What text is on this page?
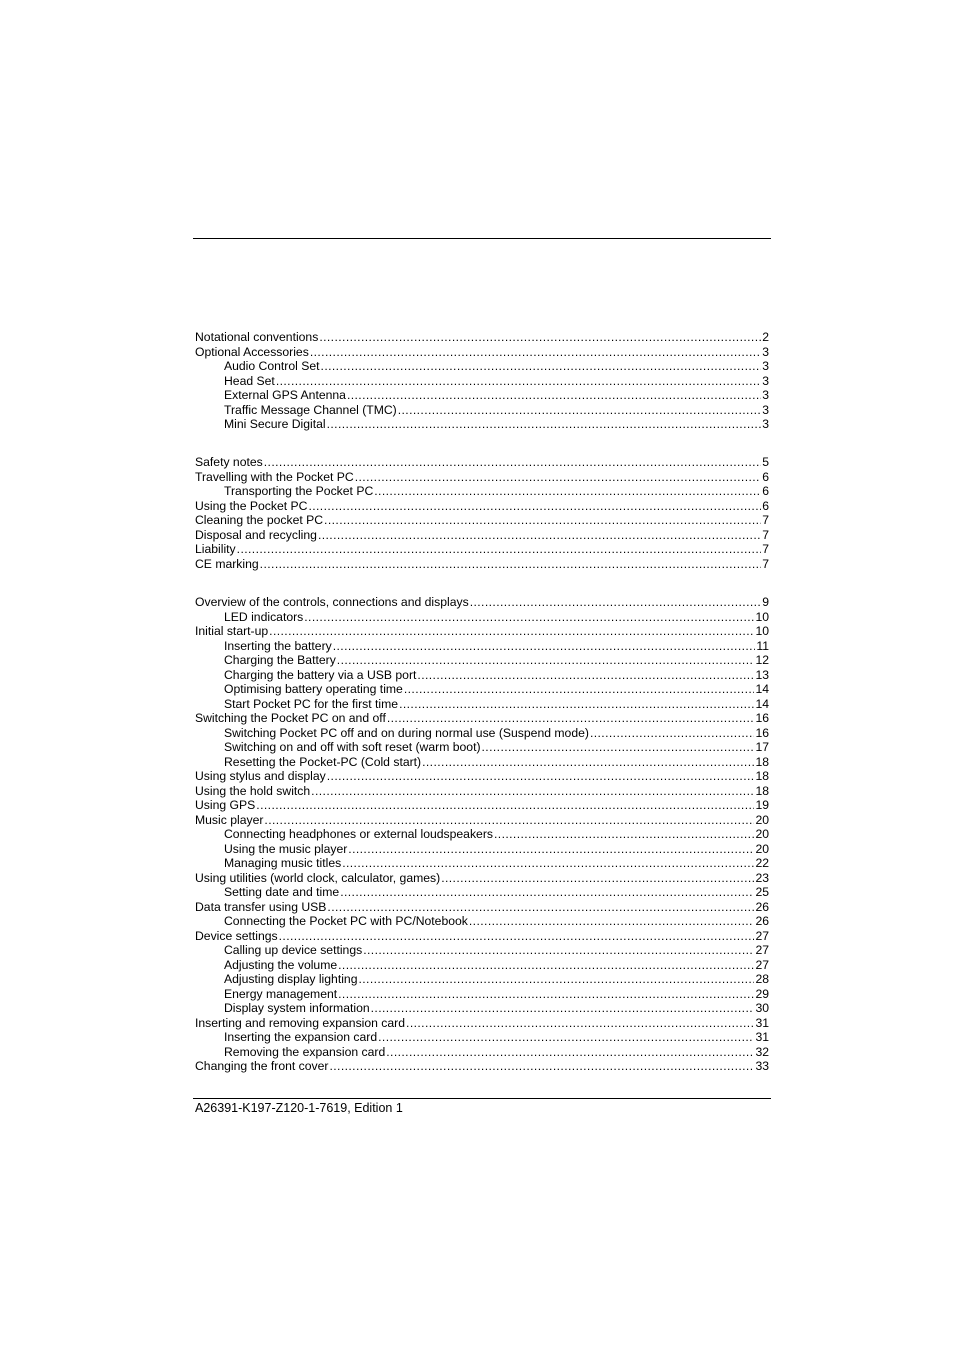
Notational conventions .....	2
Optional Accessories .....	3
Audio Control Set .....	3
Head Set .....	3
External GPS Antenna .....	3
Traffic Message Channel (TMC) .....	3
Mini Secure Digital .....	3
Safety notes .....	5
Travelling with the Pocket PC .....	6
Transporting the Pocket PC .....	6
Using the Pocket PC .....	6
Cleaning the pocket PC .....	7
Disposal and recycling .....	7
Liability .....	7
CE marking .....	7
Overview of the controls, connections and displays .....	9
LED indicators .....	10
Initial start-up .....	10
Inserting the battery .....	11
Charging the Battery .....	12
Charging the battery via a USB port .....	13
Optimising battery operating time .....	14
Start Pocket PC for the first time .....	14
Switching the Pocket PC on and off .....	16
Switching Pocket PC off and on during normal use (Suspend mode) .....	16
Switching on and off with soft reset (warm boot) .....	17
Resetting the Pocket-PC (Cold start) .....	18
Using stylus and display .....	18
Using the hold switch .....	18
Using GPS .....	19
Music player .....	20
Connecting headphones or external loudspeakers .....	20
Using the music player .....	20
Managing music titles .....	22
Using utilities (world clock, calculator, games) .....	23
Setting date and time .....	25
Data transfer using USB .....	26
Connecting the Pocket PC with PC/Notebook .....	26
Device settings .....	27
Calling up device settings .....	27
Adjusting the volume .....	27
Adjusting display lighting .....	28
Energy management .....	29
Display system information .....	30
Inserting and removing expansion card .....	31
Inserting the expansion card .....	31
Removing the expansion card .....	32
Changing the front cover .....	33
A26391-K197-Z120-1-7619, Edition 1
